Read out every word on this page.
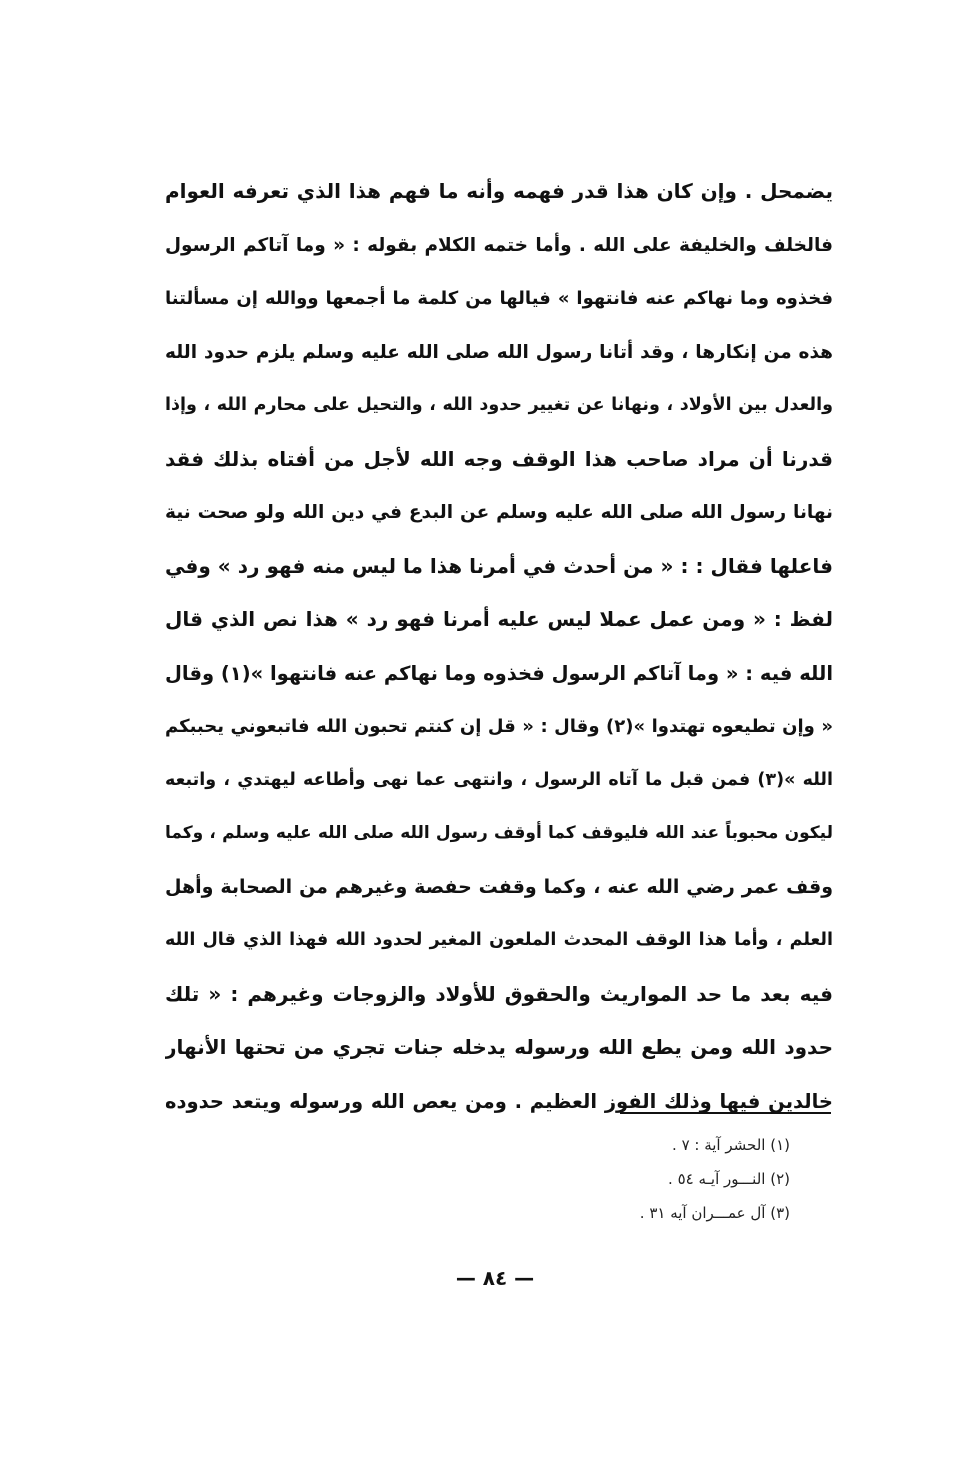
يضمحل . وإن كان هذا قدر فهمه وأنه ما فهم هذا الذي تعرفه العوام
فالخلف والخليفة على الله . وأما ختمه الكلام بقوله : « وما آتاكم الرسول
فخذوه وما نهاكم عنه فانتهوا » فيالها من كلمة ما أجمعها ووالله إن مسألتنا
هذه من إنكارها ، وقد أتانا رسول الله صلى الله عليه وسلم يلزم حدود الله
والعدل بين الأولاد ، ونهانا عن تغيير حدود الله ، والتحيل على محارم الله ، وإذا
قدرنا أن مراد صاحب هذا الوقف وجه الله لأجل من أفتاه بذلك فقد
نهانا رسول الله صلى الله عليه وسلم عن البدع في دين الله ولو صحت نية
فاعلها فقال : : « من أحدث في أمرنا هذا ما ليس منه فهو رد » وفي
لفظ : « ومن عمل عملا ليس عليه أمرنا فهو رد » هذا نص الذي قال
الله فيه : « وما آتاكم الرسول فخذوه وما نهاكم عنه فانتهوا »(١) وقال
« وإن تطيعوه تهتدوا »(٢) وقال : « قل إن كنتم تحبون الله فاتبعوني يحببكم
الله »(٣) فمن قبل ما آتاه الرسول ، وانتهى عما نهى وأطاعه ليهتدي ، واتبعه
ليكون محبوباً عند الله فليوقف كما أوقف رسول الله صلى الله عليه وسلم ، وكما
وقف عمر رضي الله عنه ، وكما وقفت حفصة وغيرهم من الصحابة وأهل
العلم ، وأما هذا الوقف المحدث الملعون المغير لحدود الله فهذا الذي قال الله
فيه بعد ما حد المواريث والحقوق للأولاد والزوجات وغيرهم : « تلك
حدود الله ومن يطع الله ورسوله يدخله جنات تجري من تحتها الأنهار
خالدين فيها وذلك الفوز العظيم . ومن يعص الله ورسوله ويتعد حدوده
(١) الحشر آية : ٧ .
(٢) النـــور آيـه ٥٤ .
(٣) آل عمـــران آيه ٣١ .
— ٨٤ —
